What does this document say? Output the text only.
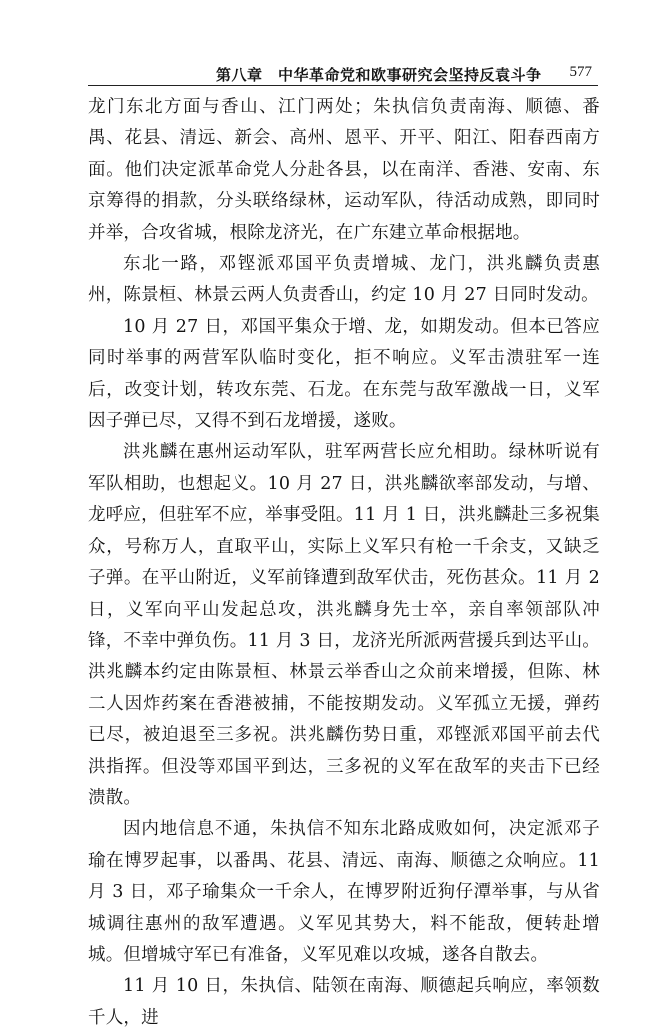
第八章　中华革命党和欧事研究会坚持反袁斗争 577

龙门东北方面与香山、江门两处；朱执信负责南海、顺德、番禺、花县、清远、新会、高州、恩平、开平、阳江、阳春西南方面。他们决定派革命党人分赴各县，以在南洋、香港、安南、东京筹得的捐款，分头联络绿林，运动军队，待活动成熟，即同时并举，合攻省城，根除龙济光，在广东建立革命根据地。

东北一路，邓铿派邓国平负责增城、龙门，洪兆麟负责惠州，陈景桓、林景云两人负责香山，约定 10 月 27 日同时发动。

10 月 27 日，邓国平集众于增、龙，如期发动。但本已答应同时举事的两营军队临时变化，拒不响应。义军击溃驻军一连后，改变计划，转攻东莞、石龙。在东莞与敌军激战一日，义军因子弹已尽，又得不到石龙增援，遂败。

洪兆麟在惠州运动军队，驻军两营长应允相助。绿林听说有军队相助，也想起义。10 月 27 日，洪兆麟欲率部发动，与增、龙呼应，但驻军不应，举事受阻。11 月 1 日，洪兆麟赴三多祝集众，号称万人，直取平山，实际上义军只有枪一千余支，又缺乏子弹。在平山附近，义军前锋遭到敌军伏击，死伤甚众。11 月 2 日，义军向平山发起总攻，洪兆麟身先士卒，亲自率领部队冲锋，不幸中弹负伤。11 月 3 日，龙济光所派两营援兵到达平山。洪兆麟本约定由陈景桓、林景云举香山之众前来增援，但陈、林二人因炸药案在香港被捕，不能按期发动。义军孤立无援，弹药已尽，被迫退至三多祝。洪兆麟伤势日重，邓铿派邓国平前去代洪指挥。但没等邓国平到达，三多祝的义军在敌军的夹击下已经溃散。

因内地信息不通，朱执信不知东北路成败如何，决定派邓子瑜在博罗起事，以番禺、花县、清远、南海、顺德之众响应。11 月 3 日，邓子瑜集众一千余人，在博罗附近狗仔潭举事，与从省城调往惠州的敌军遭遇。义军见其势大，料不能敌，便转赴增城。但增城守军已有准备，义军见难以攻城，遂各自散去。

11 月 10 日，朱执信、陆领在南海、顺德起兵响应，率领数千人，进
